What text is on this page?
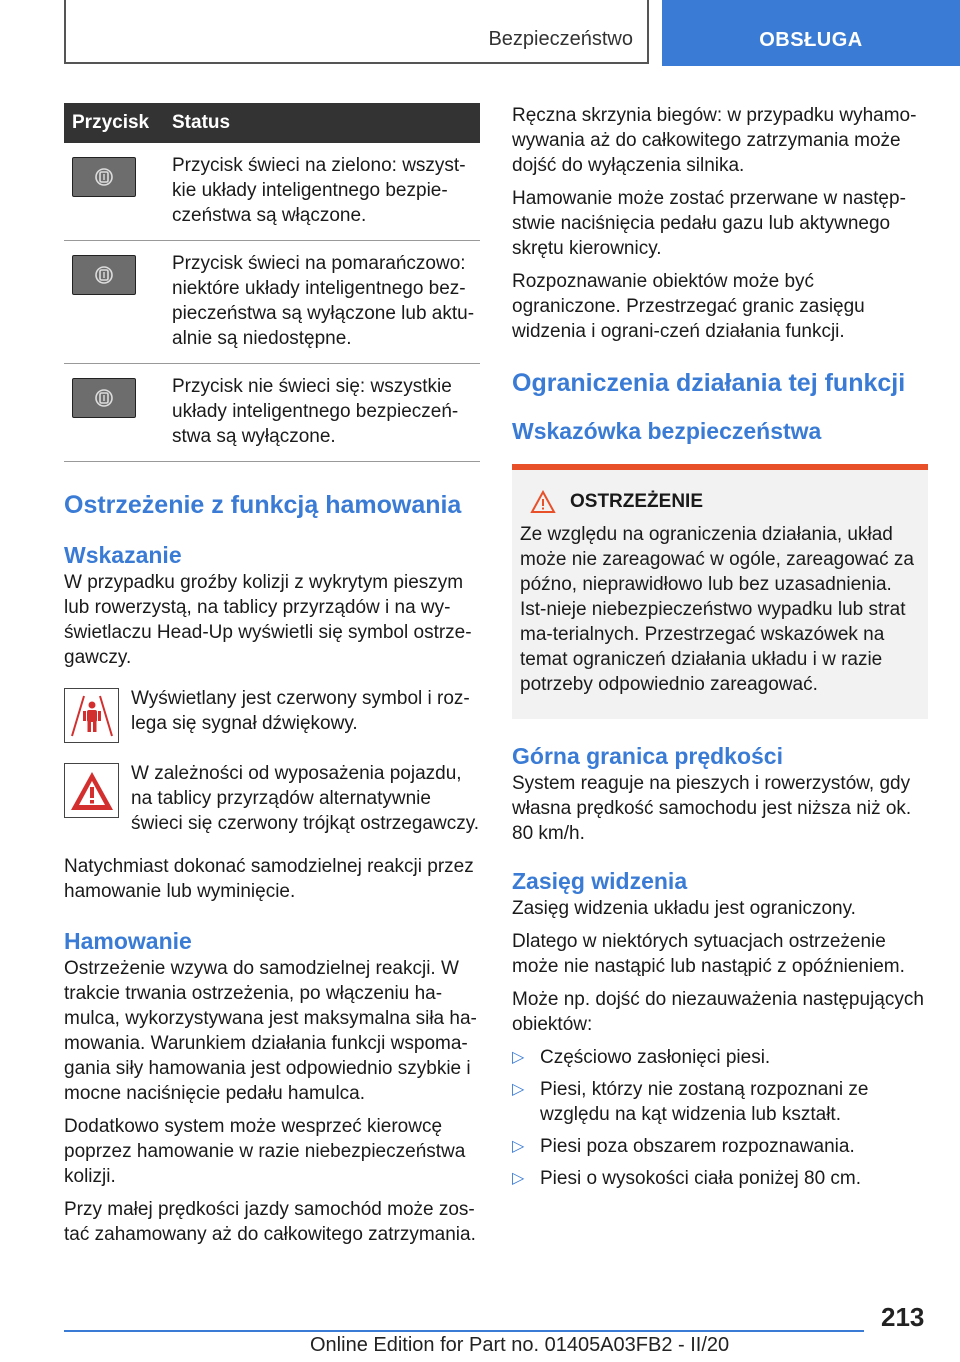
Bezpieczeństwo	OBSŁUGA
Przycisk	Status

	Przycisk świeci na zielono: wszyst-kie układy inteligentnego bezpie-czeństwa są włączone.

	Przycisk świeci na pomarańczowo: niektóre układy inteligentnego bez-pieczeństwa są wyłączone lub aktu-alnie są niedostępne.

	Przycisk nie świeci się: wszystkie układy inteligentnego bezpieczeń-stwa są wyłączone.
Ostrzeżenie z funkcją hamowania
Wskazanie

W przypadku groźby kolizji z wykrytym pieszym lub rowerzystą, na tablicy przyrządów i na wy-świetlaczu Head-Up wyświetli się symbol ostrze-gawczy.

Wyświetlany jest czerwony symbol i roz-lega się sygnał dźwiękowy.

W zależności od wyposażenia pojazdu, na tablicy przyrządów alternatywnie świeci się czerwony trójkąt ostrzegawczy.

Natychmiast dokonać samodzielnej reakcji przez hamowanie lub wyminięcie.

Hamowanie

Ostrzeżenie wzywa do samodzielnej reakcji. W trakcie trwania ostrzeżenia, po włączeniu ha-mulca, wykorzystywana jest maksymalna siła ha-mowania. Warunkiem działania funkcji wspoma-gania siły hamowania jest odpowiednio szybkie i mocne naciśnięcie pedału hamulca.

Dodatkowo system może wesprzeć kierowcę poprzez hamowanie w razie niebezpieczeństwa kolizji.

Przy małej prędkości jazdy samochód może zos-tać zahamowany aż do całkowitego zatrzymania.

Ręczna skrzynia biegów: w przypadku wyhamo-wywania aż do całkowitego zatrzymania może dojść do wyłączenia silnika.

Hamowanie może zostać przerwane w następ-stwie naciśnięcia pedału gazu lub aktywnego skrętu kierownicy.

Rozpoznawanie obiektów może być ograniczone. Przestrzegać granic zasięgu widzenia i ograni-czeń działania funkcji.

Ograniczenia działania tej funkcji
Wskazówka bezpieczeństwa
OSTRZEŻENIE

Ze względu na ograniczenia działania, układ może nie zareagować w ogóle, zareagować za późno, nieprawidłowo lub bez uzasadnienia. Ist-nieje niebezpieczeństwo wypadku lub strat ma-terialnych. Przestrzegać wskazówek na temat ograniczeń działania układu i w razie potrzeby odpowiednio zareagować.

Górna granica prędkości

System reaguje na pieszych i rowerzystów, gdy własna prędkość samochodu jest niższa niż ok. 80 km/h.

Zasięg widzenia

Zasięg widzenia układu jest ograniczony.

Dlatego w niektórych sytuacjach ostrzeżenie może nie nastąpić lub nastąpić z opóźnieniem.

Może np. dojść do niezauważenia następujących obiektów:

▷ Częściowo zasłonięci piesi.
▷ Piesi, którzy nie zostaną rozpoznani ze względu na kąt widzenia lub kształt.
▷ Piesi poza obszarem rozpoznawania.
▷ Piesi o wysokości ciała poniżej 80 cm.
213
Online Edition for Part no. 01405A03FB2 - II/20
